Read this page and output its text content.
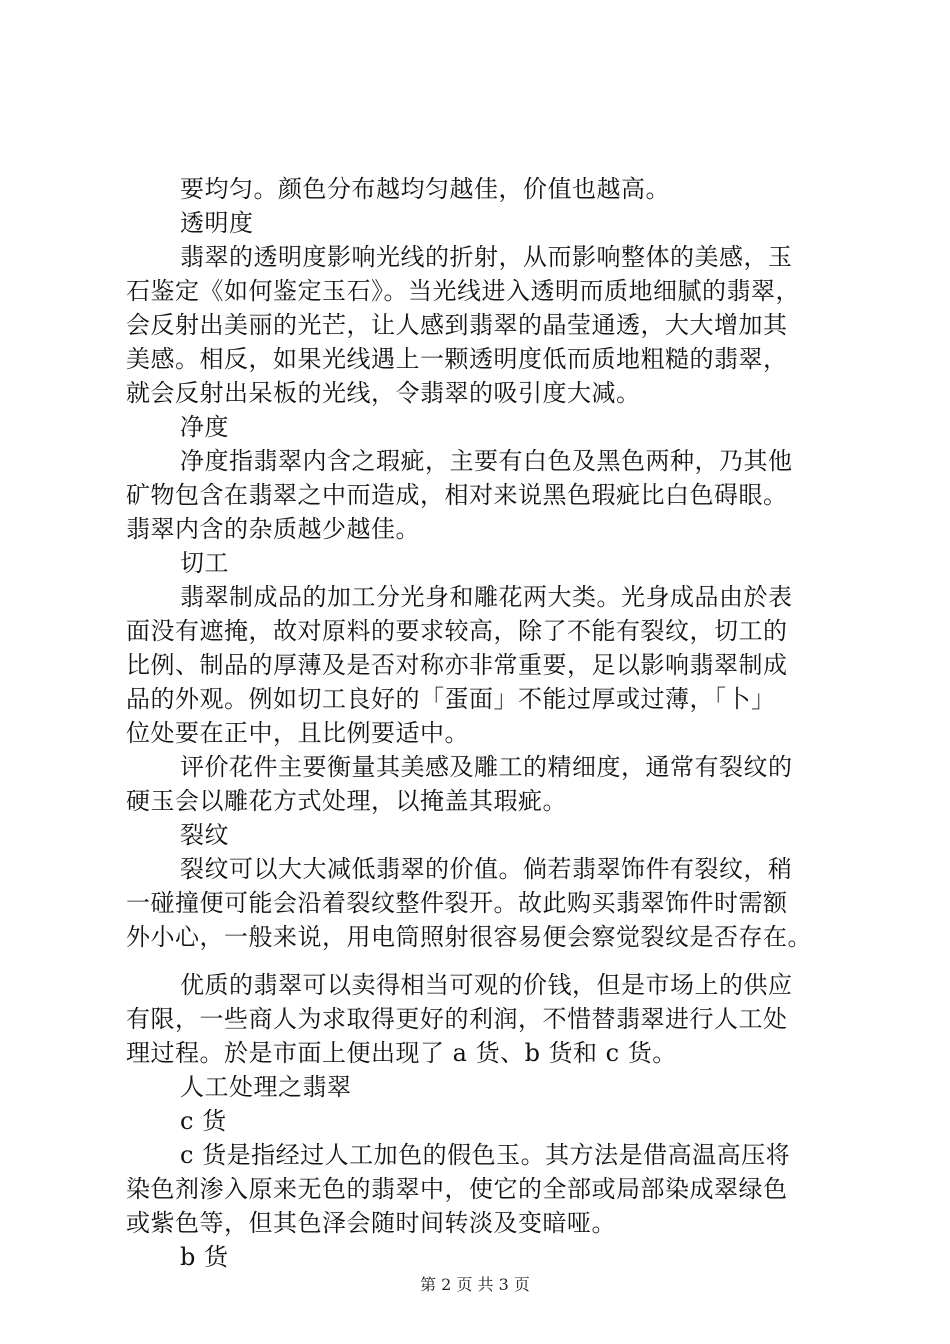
要均匀。颜色分布越均匀越佳，价值也越高。
透明度
翡翠的透明度影响光线的折射，从而影响整体的美感，玉
石鉴定《如何鉴定玉石》。当光线进入透明而质地细腻的翡翠，
会反射出美丽的光芒，让人感到翡翠的晶莹通透，大大增加其
美感。相反，如果光线遇上一颗透明度低而质地粗糙的翡翠，
就会反射出呆板的光线，令翡翠的吸引度大减。
净度
净度指翡翠内含之瑕疵，主要有白色及黑色两种，乃其他
矿物包含在翡翠之中而造成，相对来说黑色瑕疵比白色碍眼。
翡翠内含的杂质越少越佳。
切工
翡翠制成品的加工分光身和雕花两大类。光身成品由於表
面没有遮掩，故对原料的要求较高，除了不能有裂纹，切工的
比例、制品的厚薄及是否对称亦非常重要，足以影响翡翠制成
品的外观。例如切工良好的「蛋面」不能过厚或过薄，「卜」
位处要在正中，且比例要适中。
评价花件主要衡量其美感及雕工的精细度，通常有裂纹的
硬玉会以雕花方式处理，以掩盖其瑕疵。
裂纹
裂纹可以大大减低翡翠的价值。倘若翡翠饰件有裂纹，稍
一碰撞便可能会沿着裂纹整件裂开。故此购买翡翠饰件时需额
外小心，一般来说，用电筒照射很容易便会察觉裂纹是否存在。
优质的翡翠可以卖得相当可观的价钱，但是市场上的供应
有限，一些商人为求取得更好的利润，不惜替翡翠进行人工处
理过程。於是市面上便出现了 a 货、b 货和 c 货。
人工处理之翡翠
c 货
c 货是指经过人工加色的假色玉。其方法是借高温高压将
染色剂渗入原来无色的翡翠中，使它的全部或局部染成翠绿色
或紫色等，但其色泽会随时间转淡及变暗哑。
b 货
第 2 页 共 3 页
